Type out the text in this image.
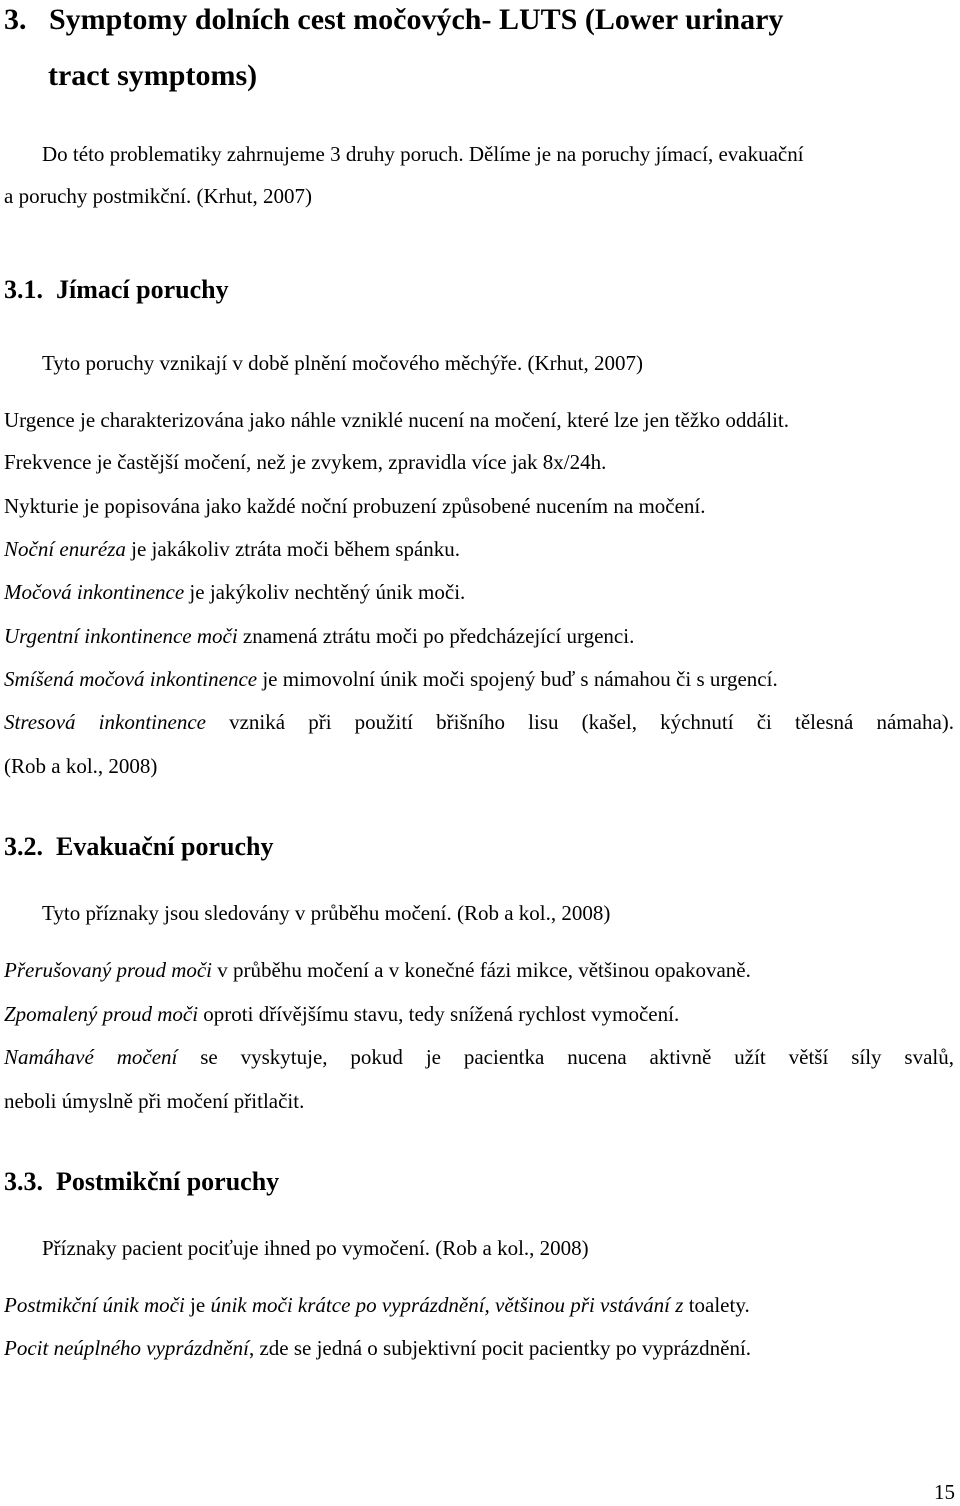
3. Symptomy dolních cest močových- LUTS (Lower urinary
tract symptoms)
Do této problematiky zahrnujeme 3 druhy poruch. Dělíme je na poruchy jímací, evakuační
a poruchy postmikční. (Krhut, 2007)
3.1. Jímací poruchy
Tyto poruchy vznikají v době plnění močového měchýře. (Krhut, 2007)
Urgence je charakterizována jako náhle vzniklé nucení na močení, které lze jen těžko oddálit.
Frekvence je častější močení, než je zvykem, zpravidla více jak 8x/24h.
Nykturie je popisována jako každé noční probuzení způsobené nucením na močení.
Noční enuréza je jakákoliv ztráta moči během spánku.
Močová inkontinence je jakýkoliv nechtěný únik moči.
Urgentní inkontinence moči znamená ztrátu moči po předcházející urgenci.
Smíšená močová inkontinence je mimovolní únik moči spojený buď s námahou či s urgencí.
Stresová inkontinence vzniká při použití břišního lisu (kašel, kýchnutí či tělesná námaha).
(Rob a kol., 2008)
3.2. Evakuační poruchy
Tyto příznaky jsou sledovány v průběhu močení. (Rob a kol., 2008)
Přerušovaný proud moči v průběhu močení a v konečné fázi mikce, většinou opakovaně.
Zpomalený proud moči oproti dřívějšímu stavu, tedy snížená rychlost vymočení.
Namáhavé močení se vyskytuje, pokud je pacientka nucena aktivně užít větší síly svalů,
neboli úmyslně při močení přitlačit.
3.3. Postmikční poruchy
Příznaky pacient pociťuje ihned po vymočení. (Rob a kol., 2008)
Postmikční únik moči je únik moči krátce po vyprázdnění, většinou při vstávání z toalety.
Pocit neúplného vyprázdnění, zde se jedná o subjektivní pocit pacientky po vyprázdnění.
15
